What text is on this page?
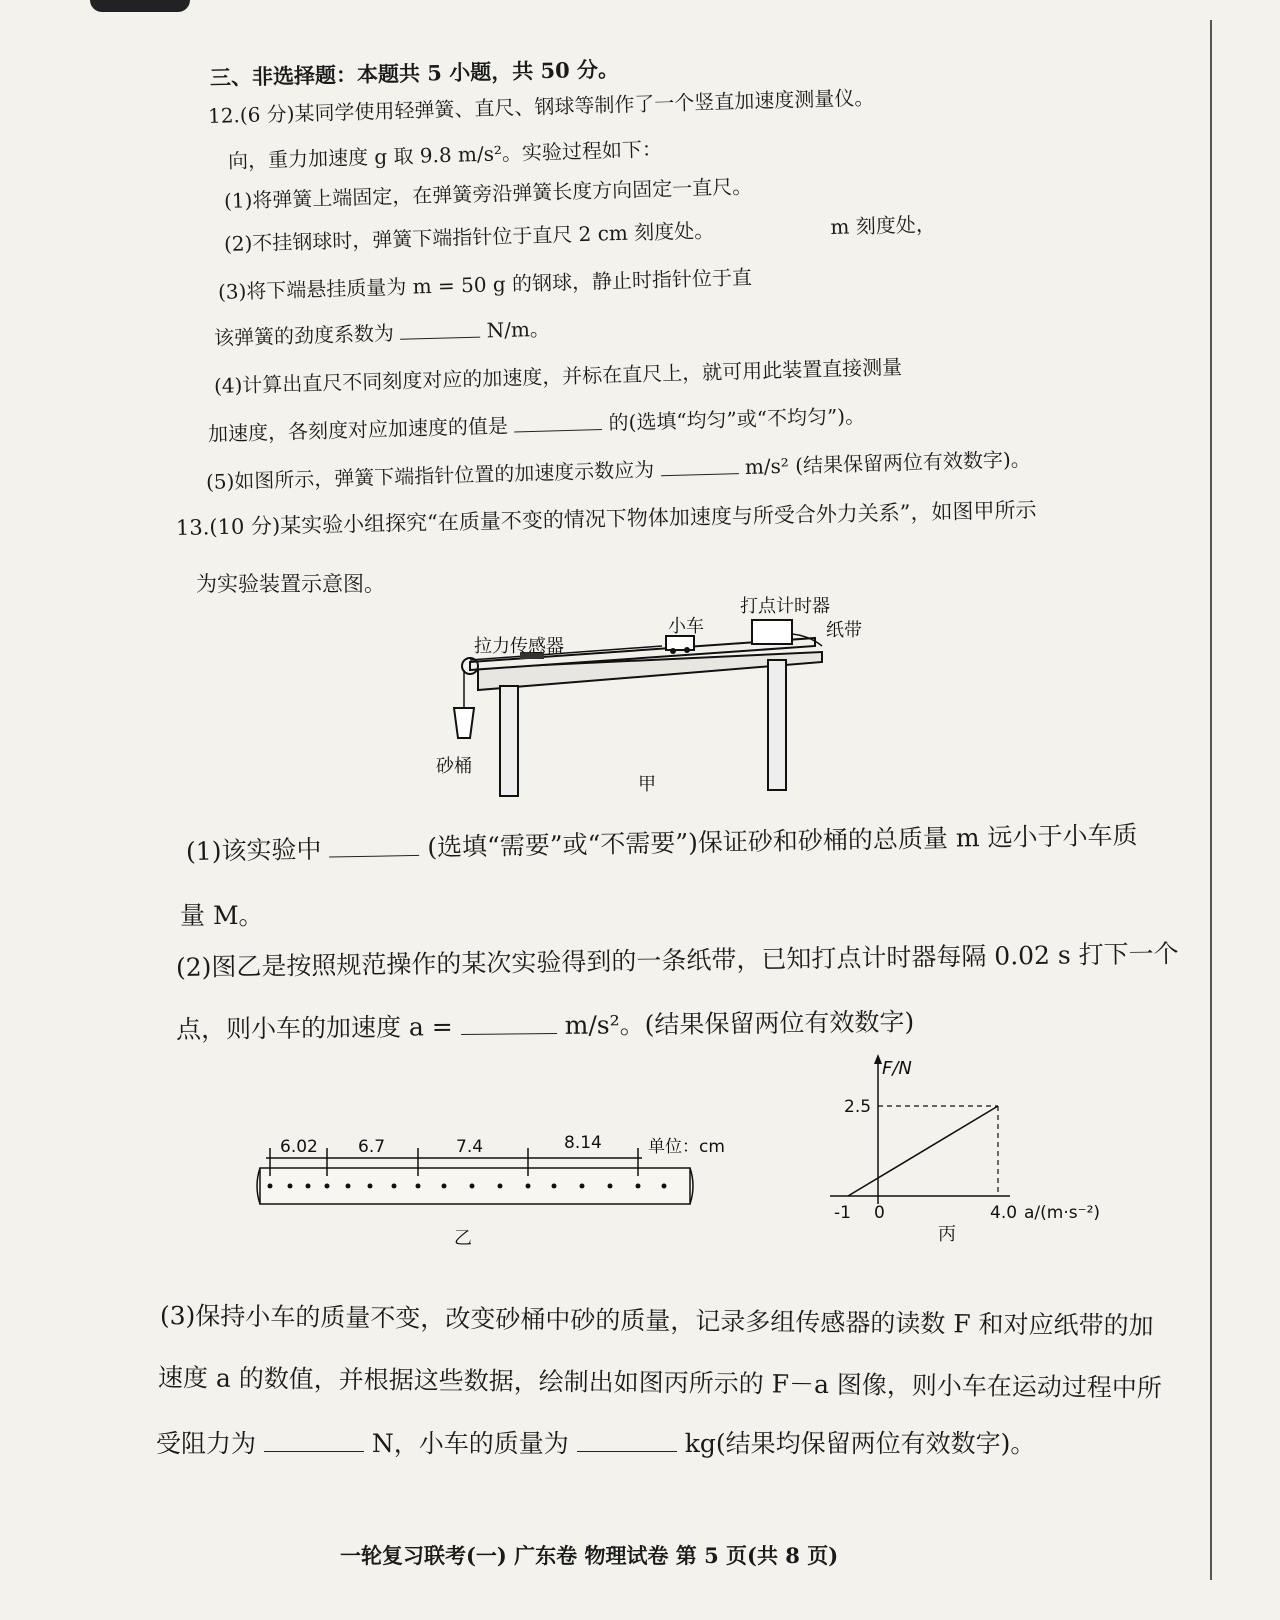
三、非选择题：本题共 5 小题，共 50 分。
12.(6 分)某同学使用轻弹簧、直尺、钢球等制作了一个竖直加速度测量仪。
向，重力加速度 g 取 9.8 m/s²。实验过程如下：
(1)将弹簧上端固定，在弹簧旁沿弹簧长度方向固定一直尺。
(2)不挂钢球时，弹簧下端指针位于直尺 2 cm 刻度处。	m 刻度处，
(3)将下端悬挂质量为 m = 50 g 的钢球，静止时指针位于直
该弹簧的劲度系数为	N/m。
(4)计算出直尺不同刻度对应的加速度，并标在直尺上，就可用此装置直接测量
加速度，各刻度对应加速度的值是	的(选填“均匀”或“不均匀”)。
(5)如图所示，弹簧下端指针位置的加速度示数应为	m/s² (结果保留两位有效数字)。
13.(10 分)某实验小组探究“在质量不变的情况下物体加速度与所受合外力关系”，如图甲所示
为实验装置示意图。
拉力传感器
小车
打点计时器
纸带
砂桶
甲
(1)该实验中	(选填“需要”或“不需要”)保证砂和砂桶的总质量 m 远小于小车质
量 M。
(2)图乙是按照规范操作的某次实验得到的一条纸带，已知打点计时器每隔 0.02 s 打下一个
点，则小车的加速度 a =	m/s²。(结果保留两位有效数字)
6.02 6.7	7.4	8.14	单位：cm
乙
F/N
2.5
-1 0	4.0 a/(m·s⁻²)
丙
(3)保持小车的质量不变，改变砂桶中砂的质量，记录多组传感器的读数 F 和对应纸带的加
速度 a 的数值，并根据这些数据，绘制出如图丙所示的 F－a 图像，则小车在运动过程中所
受阻力为	N，小车的质量为	kg(结果均保留两位有效数字)。
一轮复习联考(一) 广东卷 物理试卷 第 5 页(共 8 页)
